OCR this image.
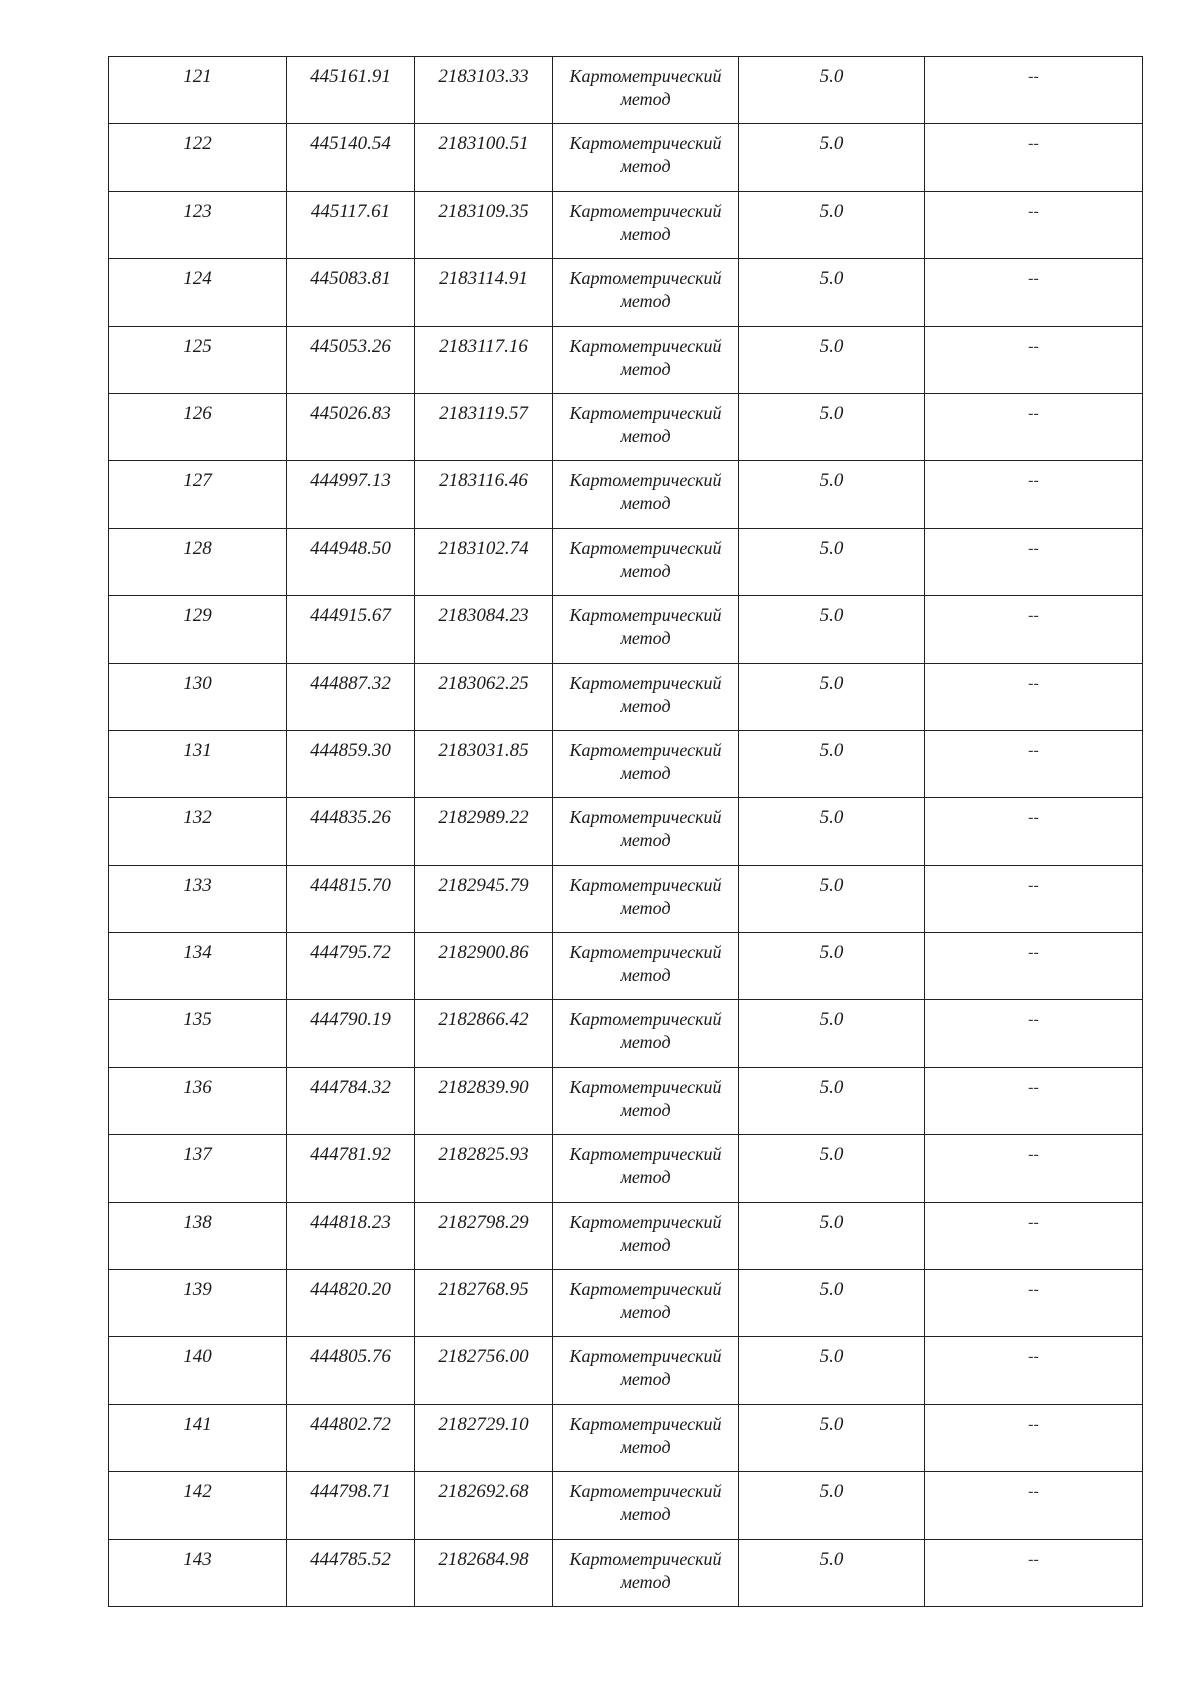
121	445161.91	2183103.33	Картометрический метод	5.0	--
122	445140.54	2183100.51	Картометрический метод	5.0	--
123	445117.61	2183109.35	Картометрический метод	5.0	--
124	445083.81	2183114.91	Картометрический метод	5.0	--
125	445053.26	2183117.16	Картометрический метод	5.0	--
126	445026.83	2183119.57	Картометрический метод	5.0	--
127	444997.13	2183116.46	Картометрический метод	5.0	--
128	444948.50	2183102.74	Картометрический метод	5.0	--
129	444915.67	2183084.23	Картометрический метод	5.0	--
130	444887.32	2183062.25	Картометрический метод	5.0	--
131	444859.30	2183031.85	Картометрический метод	5.0	--
132	444835.26	2182989.22	Картометрический метод	5.0	--
133	444815.70	2182945.79	Картометрический метод	5.0	--
134	444795.72	2182900.86	Картометрический метод	5.0	--
135	444790.19	2182866.42	Картометрический метод	5.0	--
136	444784.32	2182839.90	Картометрический метод	5.0	--
137	444781.92	2182825.93	Картометрический метод	5.0	--
138	444818.23	2182798.29	Картометрический метод	5.0	--
139	444820.20	2182768.95	Картометрический метод	5.0	--
140	444805.76	2182756.00	Картометрический метод	5.0	--
141	444802.72	2182729.10	Картометрический метод	5.0	--
142	444798.71	2182692.68	Картометрический метод	5.0	--
143	444785.52	2182684.98	Картометрический метод	5.0	--
